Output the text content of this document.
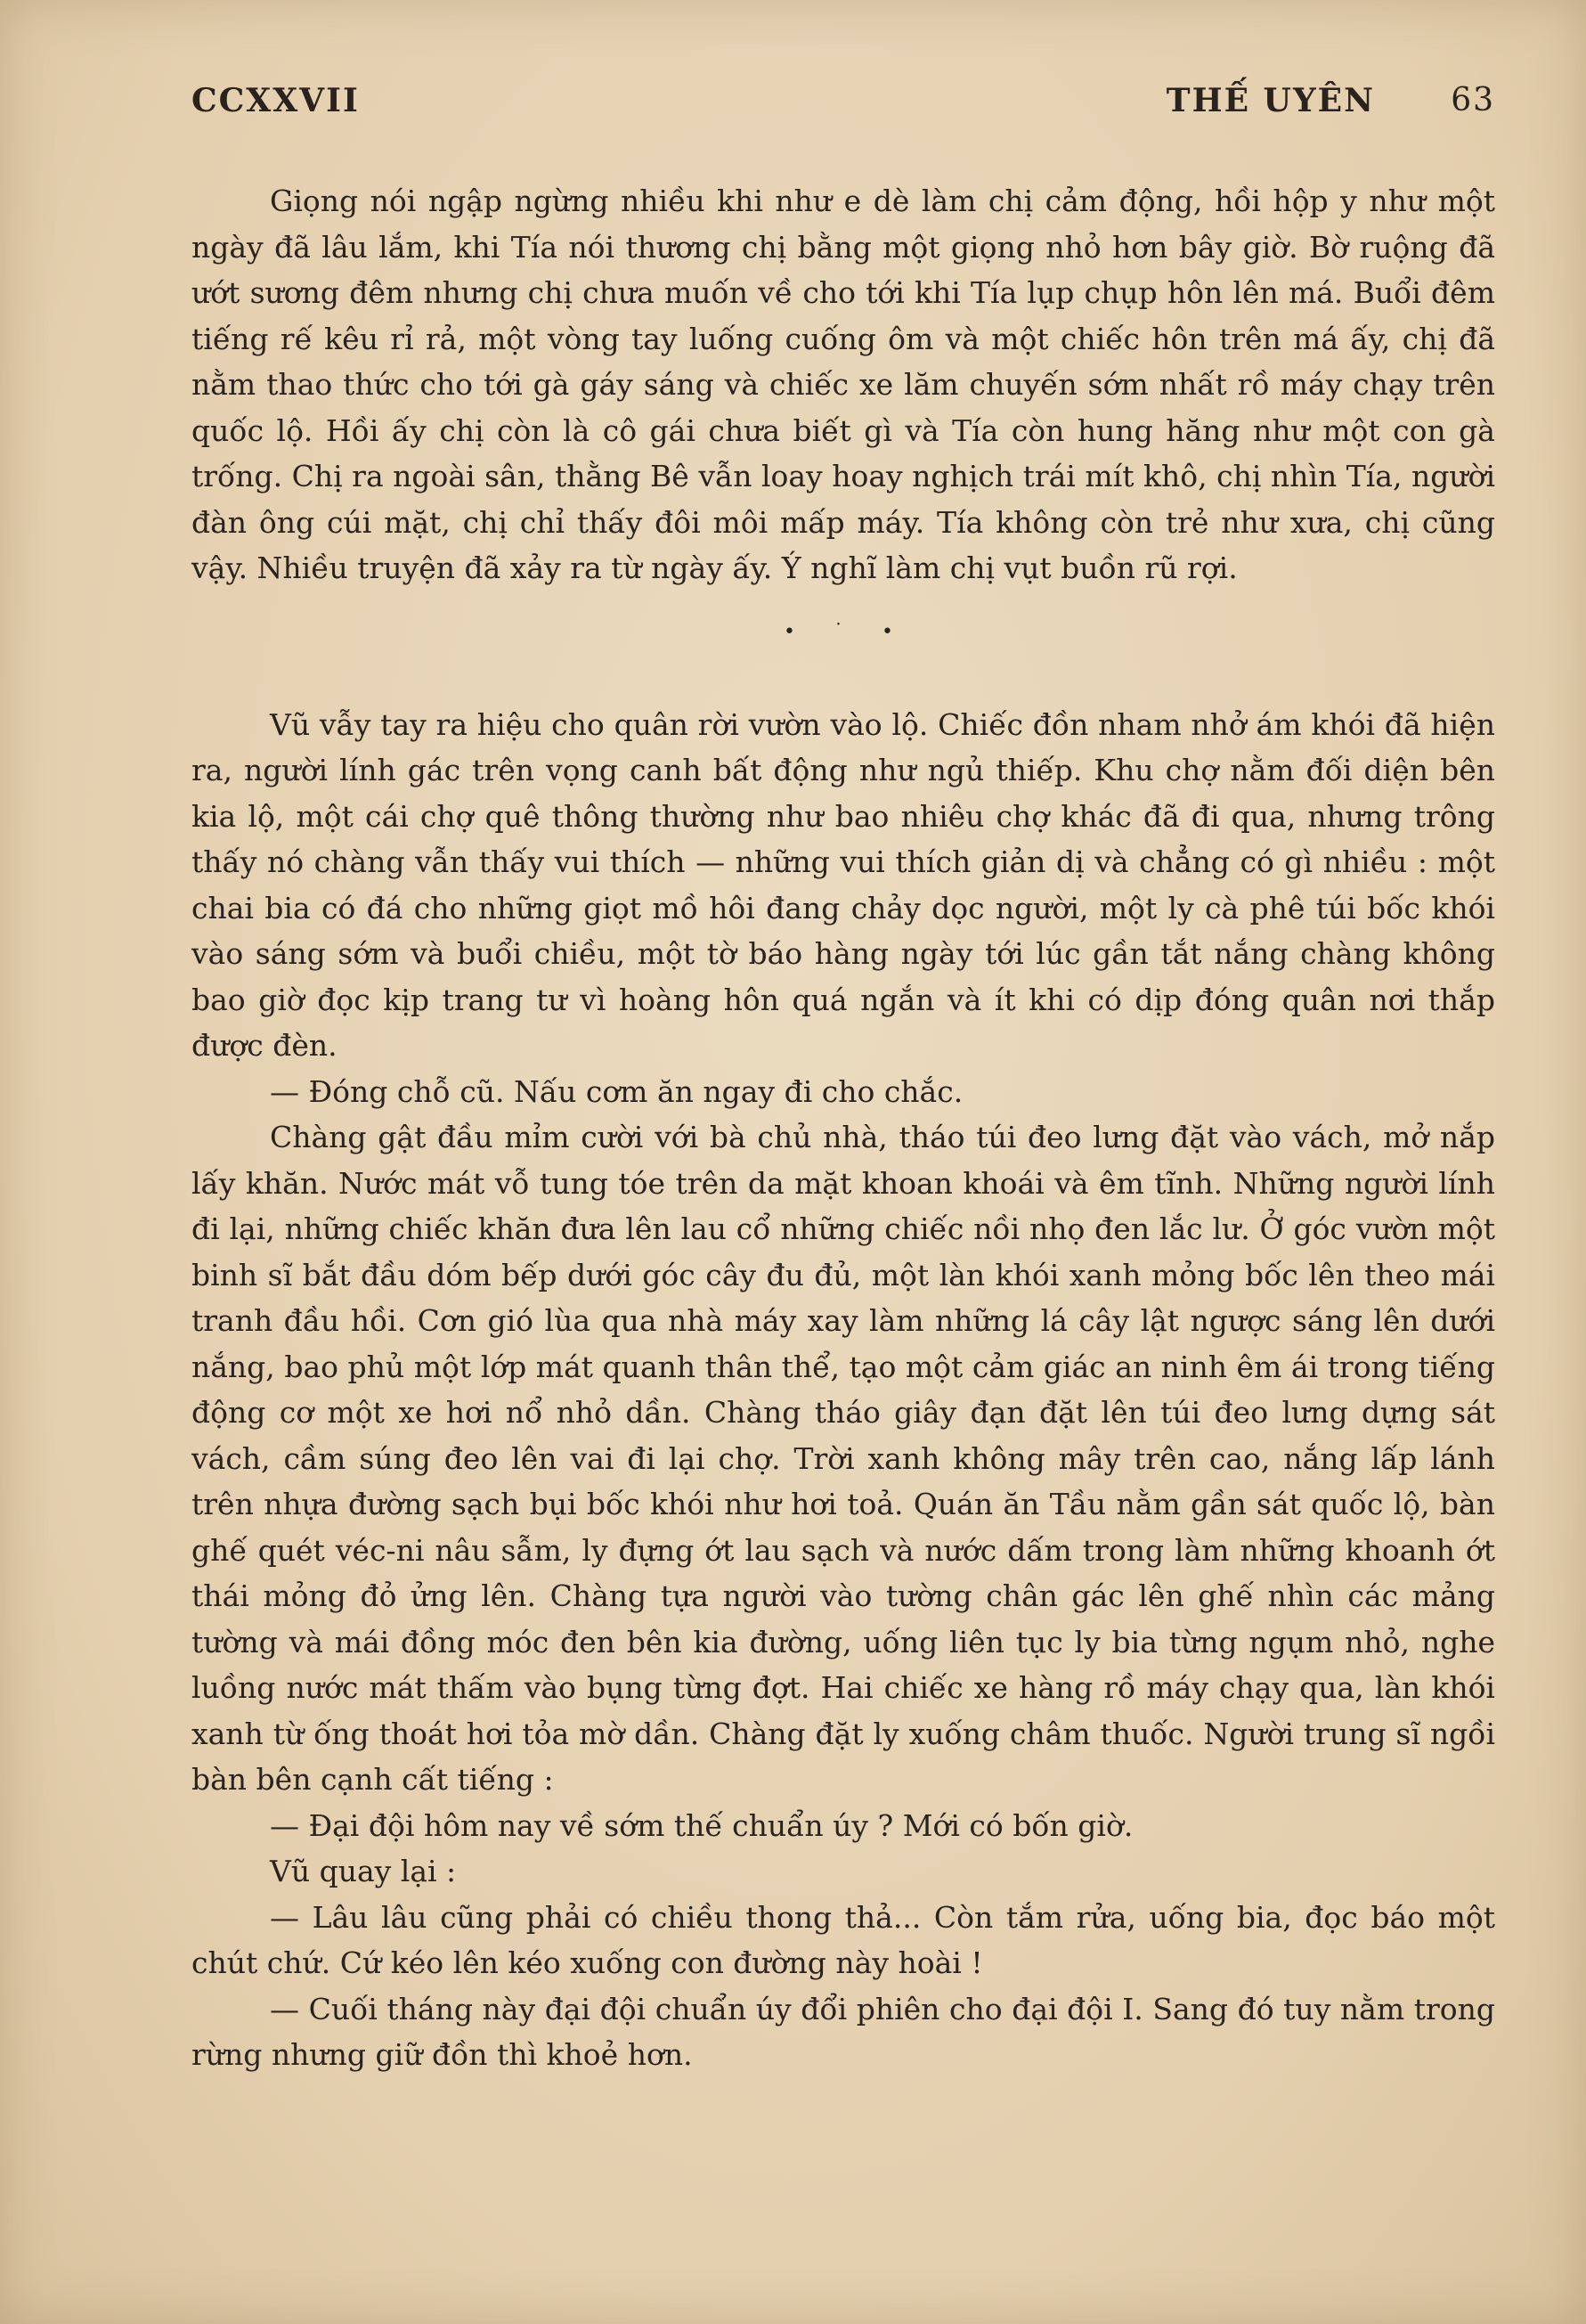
CCXXVII	THẾ UYÊN 63

Giọng nói ngập ngừng nhiều khi như e dè làm chị cảm động, hồi hộp y như một ngày đã lâu lắm, khi Tía nói thương chị bằng một giọng nhỏ hơn bây giờ. Bờ ruộng đã ướt sương đêm nhưng chị chưa muốn về cho tới khi Tía lụp chụp hôn lên má. Buổi đêm tiếng rế kêu rỉ rả, một vòng tay luống cuống ôm và một chiếc hôn trên má ấy, chị đã nằm thao thức cho tới gà gáy sáng và chiếc xe lăm chuyến sớm nhất rồ máy chạy trên quốc lộ. Hồi ấy chị còn là cô gái chưa biết gì và Tía còn hung hăng như một con gà trống. Chị ra ngoài sân, thằng Bê vẫn loay hoay nghịch trái mít khô, chị nhìn Tía, người đàn ông cúi mặt, chị chỉ thấy đôi môi mấp máy. Tía không còn trẻ như xưa, chị cũng vậy. Nhiều truyện đã xảy ra từ ngày ấy. Ý nghĩ làm chị vụt buồn rũ rợi.

• ˙ •

Vũ vẫy tay ra hiệu cho quân rời vườn vào lộ. Chiếc đồn nham nhở ám khói đã hiện ra, người lính gác trên vọng canh bất động như ngủ thiếp. Khu chợ nằm đối diện bên kia lộ, một cái chợ quê thông thường như bao nhiêu chợ khác đã đi qua, nhưng trông thấy nó chàng vẫn thấy vui thích — những vui thích giản dị và chẳng có gì nhiều : một chai bia có đá cho những giọt mồ hôi đang chảy dọc người, một ly cà phê túi bốc khói vào sáng sớm và buổi chiều, một tờ báo hàng ngày tới lúc gần tắt nắng chàng không bao giờ đọc kịp trang tư vì hoàng hôn quá ngắn và ít khi có dịp đóng quân nơi thắp được đèn.

— Đóng chỗ cũ. Nấu cơm ăn ngay đi cho chắc.

Chàng gật đầu mỉm cười với bà chủ nhà, tháo túi đeo lưng đặt vào vách, mở nắp lấy khăn. Nước mát vỗ tung tóe trên da mặt khoan khoái và êm tĩnh. Những người lính đi lại, những chiếc khăn đưa lên lau cổ những chiếc nồi nhọ đen lắc lư. Ở góc vườn một binh sĩ bắt đầu dóm bếp dưới góc cây đu đủ, một làn khói xanh mỏng bốc lên theo mái tranh đầu hồi. Cơn gió lùa qua nhà máy xay làm những lá cây lật ngược sáng lên dưới nắng, bao phủ một lớp mát quanh thân thể, tạo một cảm giác an ninh êm ái trong tiếng động cơ một xe hơi nổ nhỏ dần. Chàng tháo giây đạn đặt lên túi đeo lưng dựng sát vách, cầm súng đeo lên vai đi lại chợ. Trời xanh không mây trên cao, nắng lấp lánh trên nhựa đường sạch bụi bốc khói như hơi toả. Quán ăn Tầu nằm gần sát quốc lộ, bàn ghế quét véc-ni nâu sẫm, ly đựng ớt lau sạch và nước dấm trong làm những khoanh ớt thái mỏng đỏ ửng lên. Chàng tựa người vào tường chân gác lên ghế nhìn các mảng tường và mái đồng móc đen bên kia đường, uống liên tục ly bia từng ngụm nhỏ, nghe luồng nước mát thấm vào bụng từng đợt. Hai chiếc xe hàng rồ máy chạy qua, làn khói xanh từ ống thoát hơi tỏa mờ dần. Chàng đặt ly xuống châm thuốc. Người trung sĩ ngồi bàn bên cạnh cất tiếng :

— Đại đội hôm nay về sớm thế chuẩn úy ? Mới có bốn giờ.

Vũ quay lại :

— Lâu lâu cũng phải có chiều thong thả... Còn tắm rửa, uống bia, đọc báo một chút chứ. Cứ kéo lên kéo xuống con đường này hoài !

— Cuối tháng này đại đội chuẩn úy đổi phiên cho đại đội I. Sang đó tuy nằm trong rừng nhưng giữ đồn thì khoẻ hơn.
